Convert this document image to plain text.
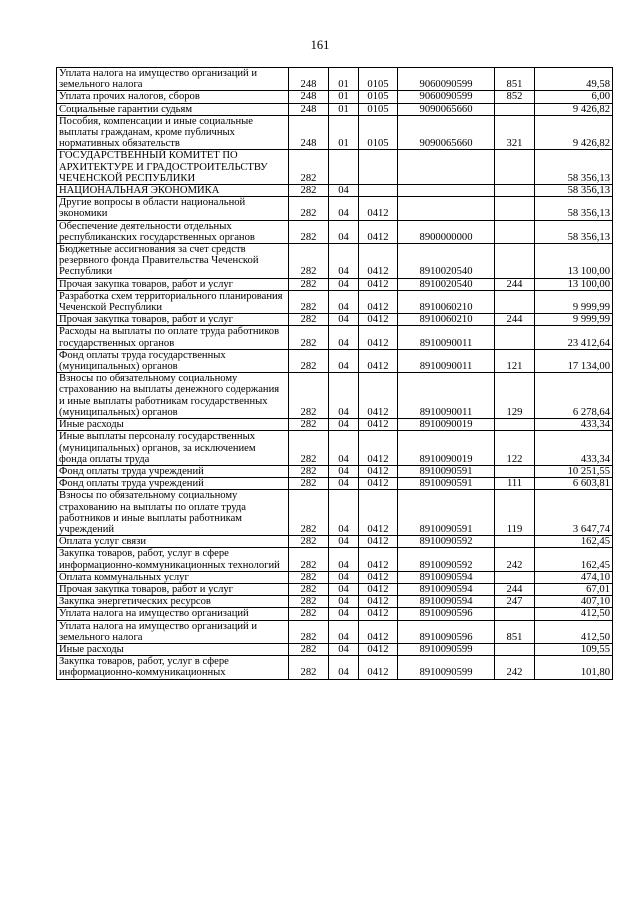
161
Уплата налога на имущество организаций и земельного налога	248	01	0105	9060090599	851	49,58
Уплата прочих налогов, сборов	248	01	0105	9060090599	852	6,00
Социальные гарантии судьям	248	01	0105	9090065660		9 426,82
Пособия, компенсации и иные социальные выплаты гражданам, кроме публичных нормативных обязательств	248	01	0105	9090065660	321	9 426,82
ГОСУДАРСТВЕННЫЙ КОМИТЕТ ПО АРХИТЕКТУРЕ И ГРАДОСТРОИТЕЛЬСТВУ ЧЕЧЕНСКОЙ РЕСПУБЛИКИ	282					58 356,13
НАЦИОНАЛЬНАЯ ЭКОНОМИКА	282	04				58 356,13
Другие вопросы в области национальной экономики	282	04	0412			58 356,13
Обеспечение деятельности отдельных республиканских государственных органов	282	04	0412	8900000000		58 356,13
Бюджетные ассигнования за счет средств резервного фонда Правительства Чеченской Республики	282	04	0412	8910020540		13 100,00
Прочая закупка товаров, работ и услуг	282	04	0412	8910020540	244	13 100,00
Разработка схем территориального планирования Чеченской Республики	282	04	0412	8910060210		9 999,99
Прочая закупка товаров, работ и услуг	282	04	0412	8910060210	244	9 999,99
Расходы на выплаты по оплате труда работников государственных органов	282	04	0412	8910090011		23 412,64
Фонд оплаты труда государственных (муниципальных) органов	282	04	0412	8910090011	121	17 134,00
Взносы по обязательному социальному страхованию на выплаты денежного содержания и иные выплаты работникам государственных (муниципальных) органов	282	04	0412	8910090011	129	6 278,64
Иные расходы	282	04	0412	8910090019		433,34
Иные выплаты персоналу государственных (муниципальных) органов, за исключением фонда оплаты труда	282	04	0412	8910090019	122	433,34
Фонд оплаты труда учреждений	282	04	0412	8910090591		10 251,55
Фонд оплаты труда учреждений	282	04	0412	8910090591	111	6 603,81
Взносы по обязательному социальному страхованию на выплаты по оплате труда работников и иные выплаты работникам учреждений	282	04	0412	8910090591	119	3 647,74
Оплата услуг связи	282	04	0412	8910090592		162,45
Закупка товаров, работ, услуг в сфере информационно-коммуникационных технологий	282	04	0412	8910090592	242	162,45
Оплата коммунальных услуг	282	04	0412	8910090594		474,10
Прочая закупка товаров, работ и услуг	282	04	0412	8910090594	244	67,01
Закупка энергетических ресурсов	282	04	0412	8910090594	247	407,10
Уплата налога на имущество организаций	282	04	0412	8910090596		412,50
Уплата налога на имущество организаций и земельного налога	282	04	0412	8910090596	851	412,50
Иные расходы	282	04	0412	8910090599		109,55
Закупка товаров, работ, услуг в сфере информационно-коммуникационных	282	04	0412	8910090599	242	101,80
